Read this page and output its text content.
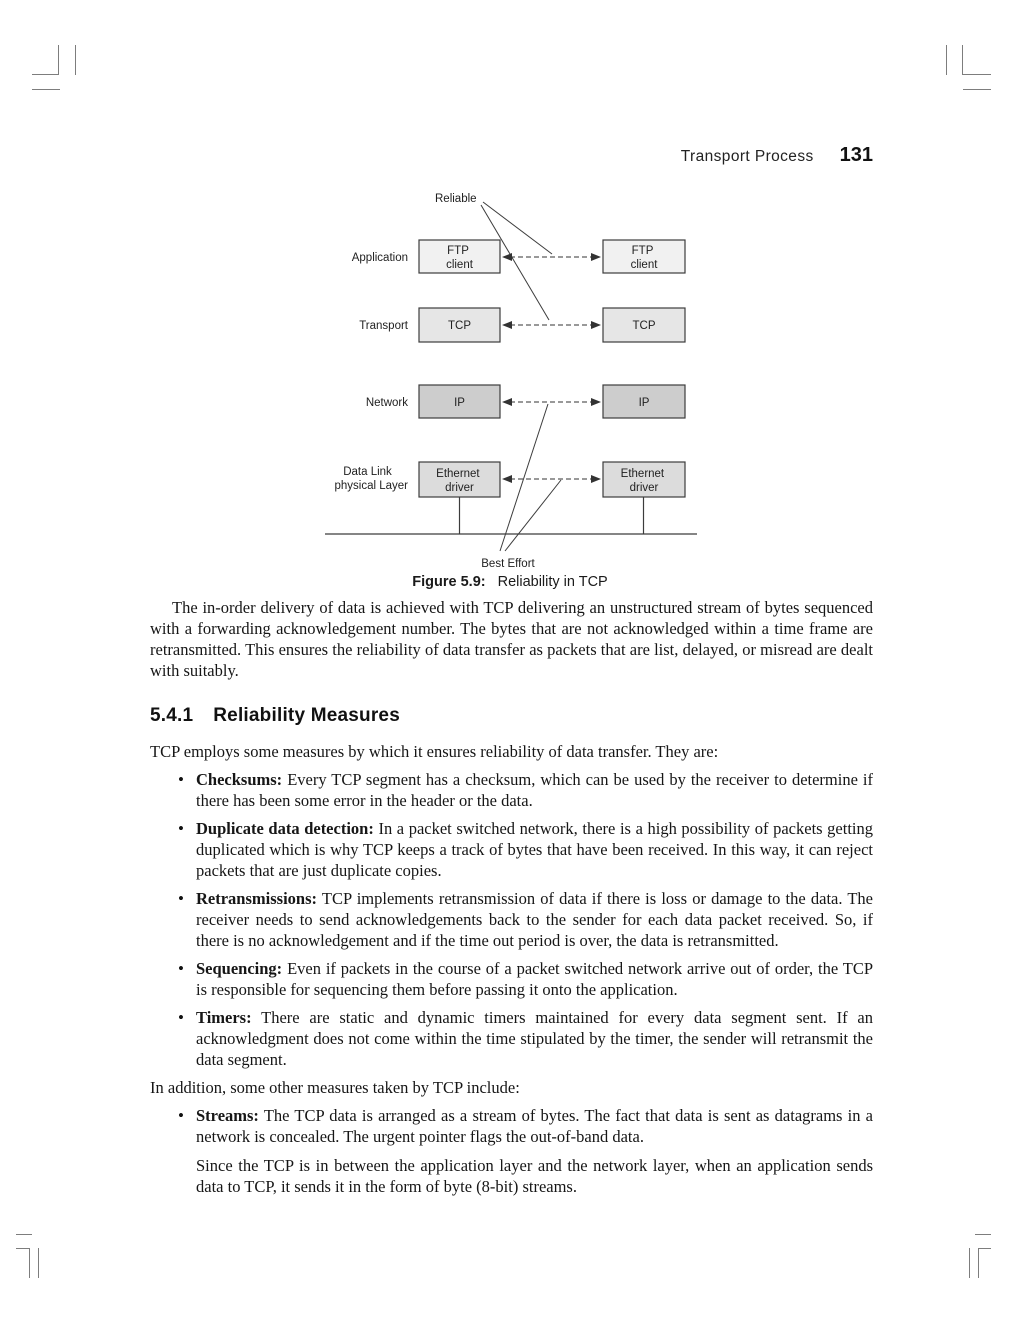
Transport Process 131
Reliable
Best Effort
Application
Transport
Network
Data Link physical Layer
FTP client
FTP client
TCP	TCP
IP	IP
Ethernet driver
Ethernet driver
Figure 5.9: Reliability in TCP

The in-order delivery of data is achieved with TCP delivering an unstructured stream of bytes sequenced with a forwarding acknowledgement number. The bytes that are not acknowledged within a time frame are retransmitted. This ensures the reliability of data transfer as packets that are list, delayed, or misread are dealt with suitably.

5.4.1 Reliability Measures

TCP employs some measures by which it ensures reliability of data transfer. They are:

• Checksums: Every TCP segment has a checksum, which can be used by the receiver to determine if there has been some error in the header or the data.
• Duplicate data detection: In a packet switched network, there is a high possibility of packets getting duplicated which is why TCP keeps a track of bytes that have been received. In this way, it can reject packets that are just duplicate copies.
• Retransmissions: TCP implements retransmission of data if there is loss or damage to the data. The receiver needs to send acknowledgements back to the sender for each data packet received. So, if there is no acknowledgement and if the time out period is over, the data is retransmitted.
• Sequencing: Even if packets in the course of a packet switched network arrive out of order, the TCP is responsible for sequencing them before passing it onto the application.
• Timers: There are static and dynamic timers maintained for every data segment sent. If an acknowledgment does not come within the time stipulated by the timer, the sender will retransmit the data segment.

In addition, some other measures taken by TCP include:

• Streams: The TCP data is arranged as a stream of bytes. The fact that data is sent as datagrams in a network is concealed. The urgent pointer flags the out-of-band data.

Since the TCP is in between the application layer and the network layer, when an application sends data to TCP, it sends it in the form of byte (8-bit) streams.
